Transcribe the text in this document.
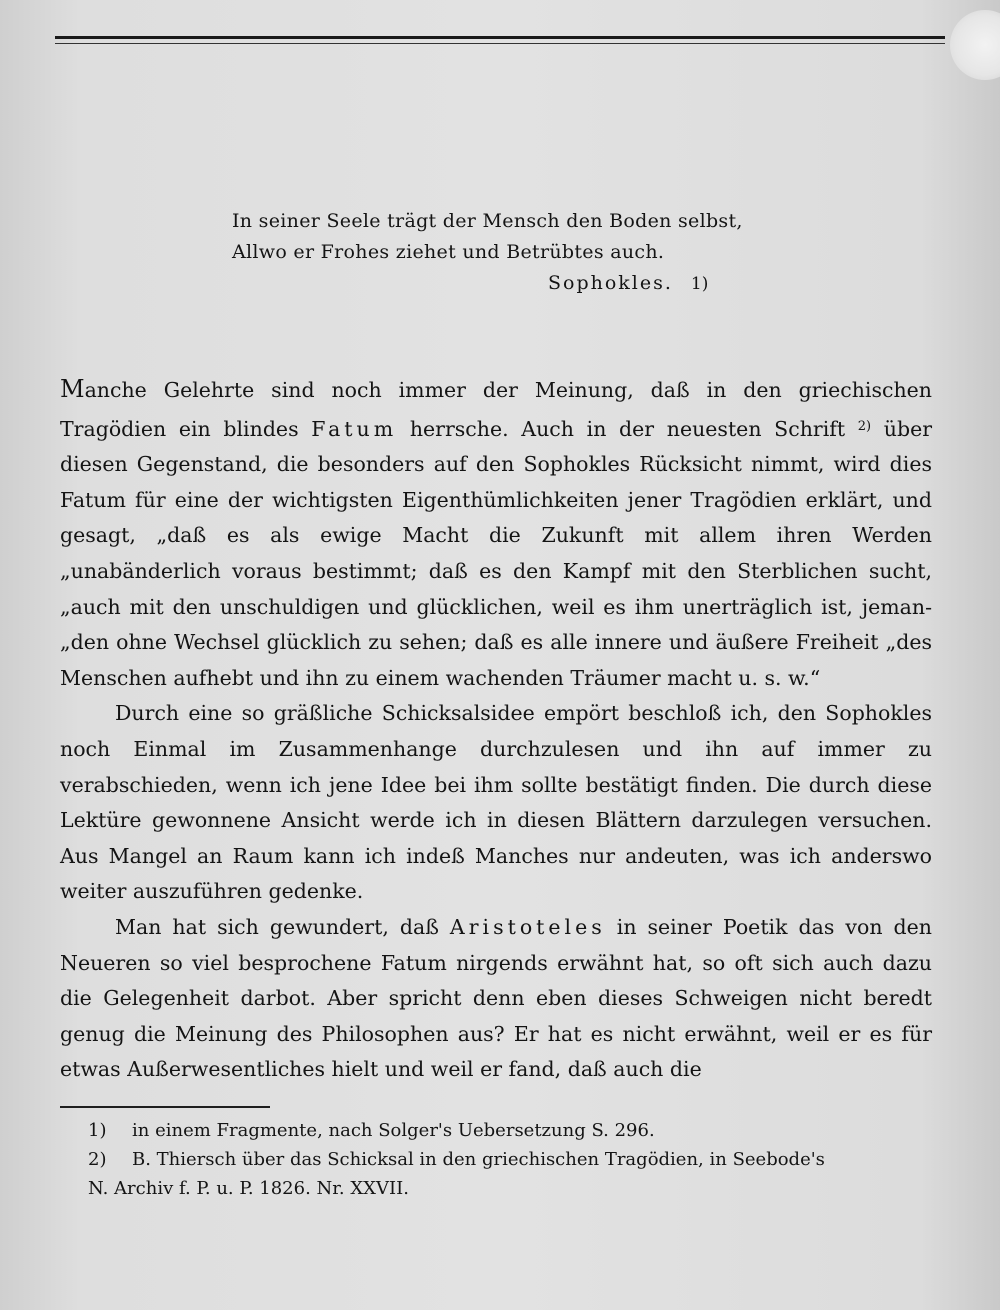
In seiner Seele trägt der Mensch den Boden selbst,
Allwo er Frohes ziehet und Betrübtes auch.
Sophokles. 1)

Manche Gelehrte sind noch immer der Meinung, daß in den griechischen Tragödien ein blindes Fatum herrsche. Auch in der neuesten Schrift $^{2)}$ über diesen Gegenstand, die besonders auf den Sophokles Rücksicht nimmt, wird dies Fatum für eine der wichtigsten Eigenthümlichkeiten jener Tragödien erklärt, und gesagt, „daß es als ewige Macht die Zukunft mit allem ihren Werden „unabänderlich voraus bestimmt; daß es den Kampf mit den Sterblichen sucht, „auch mit den unschuldigen und glücklichen, weil es ihm unerträglich ist, jeman- „den ohne Wechsel glücklich zu sehen; daß es alle innere und äußere Freiheit „des Menschen aufhebt und ihn zu einem wachenden Träumer macht u. s. w.“

Durch eine so gräßliche Schicksalsidee empört beschloß ich, den Sophokles noch Einmal im Zusammenhange durchzulesen und ihn auf immer zu verabschieden, wenn ich jene Idee bei ihm sollte bestätigt finden. Die durch diese Lektüre gewonnene Ansicht werde ich in diesen Blättern darzulegen versuchen. Aus Mangel an Raum kann ich indeß Manches nur andeuten, was ich anderswo weiter auszuführen gedenke.

Man hat sich gewundert, daß Aristoteles in seiner Poetik das von den Neueren so viel besprochene Fatum nirgends erwähnt hat, so oft sich auch dazu die Gelegenheit darbot. Aber spricht denn eben dieses Schweigen nicht beredt genug die Meinung des Philosophen aus? Er hat es nicht erwähnt, weil er es für etwas Außerwesentliches hielt und weil er fand, daß auch die

1) in einem Fragmente, nach Solger's Uebersetzung S. 296.
2) B. Thiersch über das Schicksal in den griechischen Tragödien, in Seebode's
N. Archiv f. P. u. P. 1826. Nr. XXVII.
